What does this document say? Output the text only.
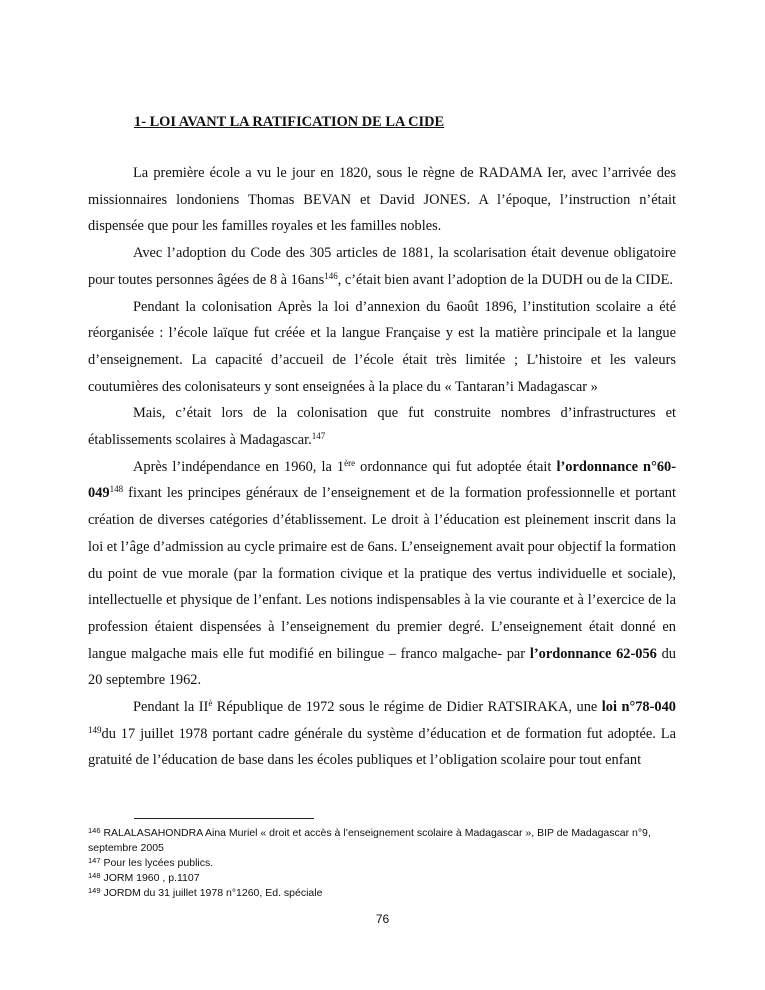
1- LOI AVANT LA RATIFICATION DE LA CIDE

La première école a vu le jour en 1820, sous le règne de RADAMA Ier, avec l’arrivée des missionnaires londoniens Thomas BEVAN et David JONES. A l’époque, l’instruction n’était dispensée que pour les familles royales et les familles nobles.

Avec l’adoption du Code des 305 articles de 1881, la scolarisation était devenue obligatoire pour toutes personnes âgées de 8 à 16ans$^{146}$, c’était bien avant l’adoption de la DUDH ou de la CIDE.

Pendant la colonisation Après la loi d’annexion du 6août 1896, l’institution scolaire a été réorganisée : l’école laïque fut créée et la langue Française y est la matière principale et la langue d’enseignement. La capacité d’accueil de l’école était très limitée ; L’histoire et les valeurs coutumières des colonisateurs y sont enseignées à la place du « Tantaran’i Madagascar »

Mais, c’était lors de la colonisation que fut construite nombres d’infrastructures et établissements scolaires à Madagascar.$^{147}$

Après l’indépendance en 1960, la 1ère ordonnance qui fut adoptée était l’ordonnance $n^\circ 60-049^{148}$ fixant les principes généraux de l’enseignement et de la formation professionnelle et portant création de diverses catégories d’établissement. Le droit à l’éducation est pleinement inscrit dans la loi et l’âge d’admission au cycle primaire est de 6ans. L’enseignement avait pour objectif la formation du point de vue morale (par la formation civique et la pratique des vertus individuelle et sociale), intellectuelle et physique de l’enfant. Les notions indispensables à la vie courante et à l’exercice de la profession étaient dispensées à l’enseignement du premier degré. L’enseignement était donné en langue malgache mais elle fut modifié en bilingue – franco malgache- par l’ordonnance 62-056 du 20 septembre 1962.

Pendant la $II^è$ République de 1972 sous le régime de Didier RATSIRAKA, une loi n°78-040 $^{149}$du 17 juillet 1978 portant cadre générale du système d’éducation et de formation fut adoptée. La gratuité de l’éducation de base dans les écoles publiques et l’obligation scolaire pour tout enfant

$^{146}$ RALALASAHONDRA Aina Muriel « droit et accès à l’enseignement scolaire à Madagascar », BIP de Madagascar n°9, septembre 2005

$^{147}$ Pour les lycées publics.

$^{148}$ JORM 1960 , p.1107

$^{149}$ JORDM du 31 juillet 1978 n°1260, Ed. spéciale

76
